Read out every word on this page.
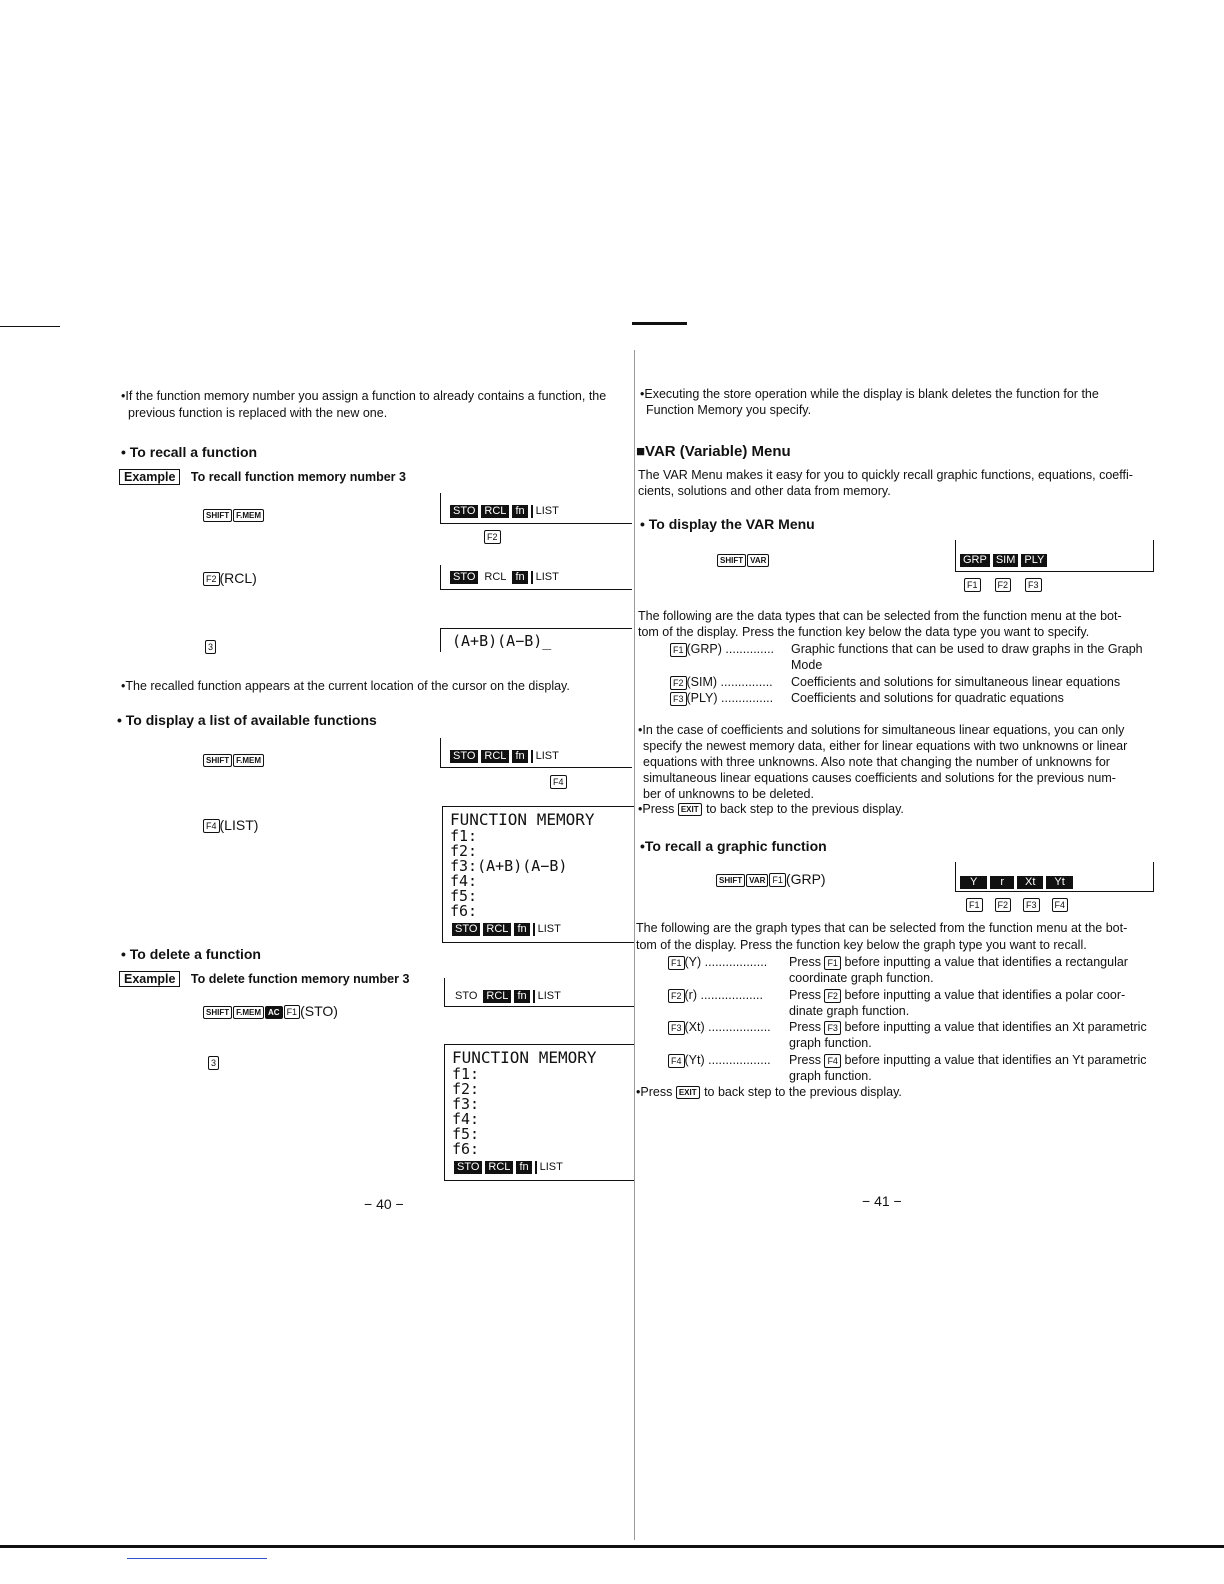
•If the function memory number you assign a function to already contains a function, the
previous function is replaced with the new one.
• To recall a function
Example To recall function memory number 3
SHIFT F.MEM	STO RCL fn LIST
F2
F2 (RCL)	STO RCL fn LIST
3	(A+B)(A−B)_
•The recalled function appears at the current location of the cursor on the display.
• To display a list of available functions
SHIFT F.MEM	STO RCL fn LIST
F4
F4 (LIST)	FUNCTION MEMORY
f1:
f2:
f3:(A+B)(A−B)
f4:
f5:
f6:
STO RCL fn LIST
• To delete a function
Example To delete function memory number 3
SHIFT F.MEM AC F1 (STO)
STO RCL fn LIST
3	FUNCTION MEMORY
f1:
f2:
f3:
f4:
f5:
f6:
STO RCL fn LIST
− 40 −
•Executing the store operation while the display is blank deletes the function for the
Function Memory you specify.
■VAR (Variable) Menu
The VAR Menu makes it easy for you to quickly recall graphic functions, equations, coeffi-
cients, solutions and other data from memory.
• To display the VAR Menu
SHIFT VAR	GRP SIM PLY
F1 F2 F3
The following are the data types that can be selected from the function menu at the bot-
tom of the display. Press the function key below the data type you want to specify.
F1 (GRP) .............. Graphic functions that can be used to draw graphs in the Graph
Mode
F2 (SIM) ............... Coefficients and solutions for simultaneous linear equations
F3 (PLY) ............... Coefficients and solutions for quadratic equations
•In the case of coefficients and solutions for simultaneous linear equations, you can only
specify the newest memory data, either for linear equations with two unknowns or linear
equations with three unknowns. Also note that changing the number of unknowns for
simultaneous linear equations causes coefficients and solutions for the previous num-
ber of unknowns to be deleted.
•Press EXIT to back step to the previous display.
•To recall a graphic function
SHIFT VAR F1 (GRP)	Y r Xt Yt
F1 F2 F3 F4
The following are the graph types that can be selected from the function menu at the bot-
tom of the display. Press the function key below the graph type you want to recall.
F1 (Y) .................. Press F1 before inputting a value that identifies a rectangular
coordinate graph function.
F2 (r) .................. Press F2 before inputting a value that identifies a polar coor-
dinate graph function.
F3 (Xt) .................. Press F3 before inputting a value that identifies an Xt parametric
graph function.
F4 (Yt) .................. Press F4 before inputting a value that identifies an Yt parametric
graph function.
•Press EXIT to back step to the previous display.
− 41 −
